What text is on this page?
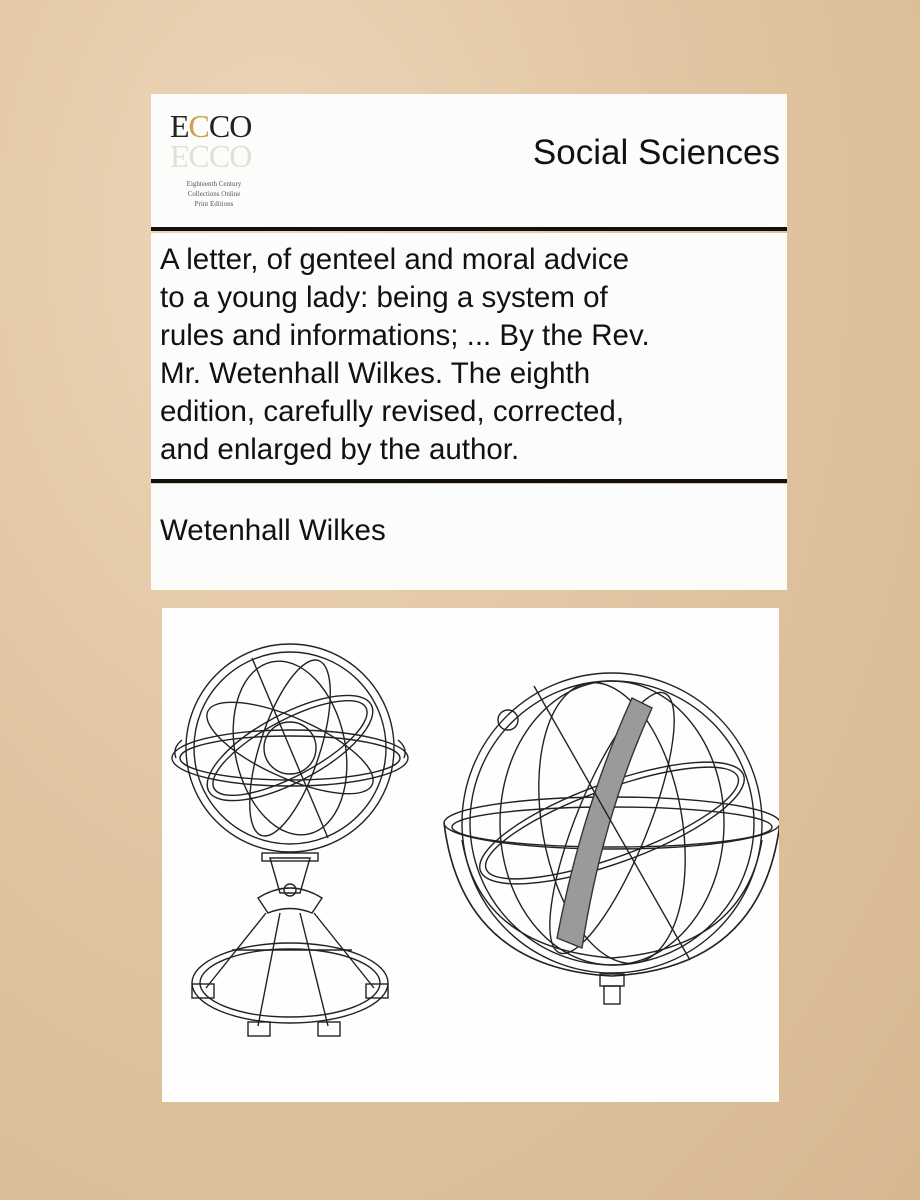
ECCO
ECCO
Eighteenth Century
Collections Online
Print Editions
Social Sciences
A letter, of genteel and moral advice
to a young lady: being a system of
rules and informations; ... By the Rev.
Mr. Wetenhall Wilkes. The eighth
edition, carefully revised, corrected,
and enlarged by the author.
Wetenhall Wilkes
